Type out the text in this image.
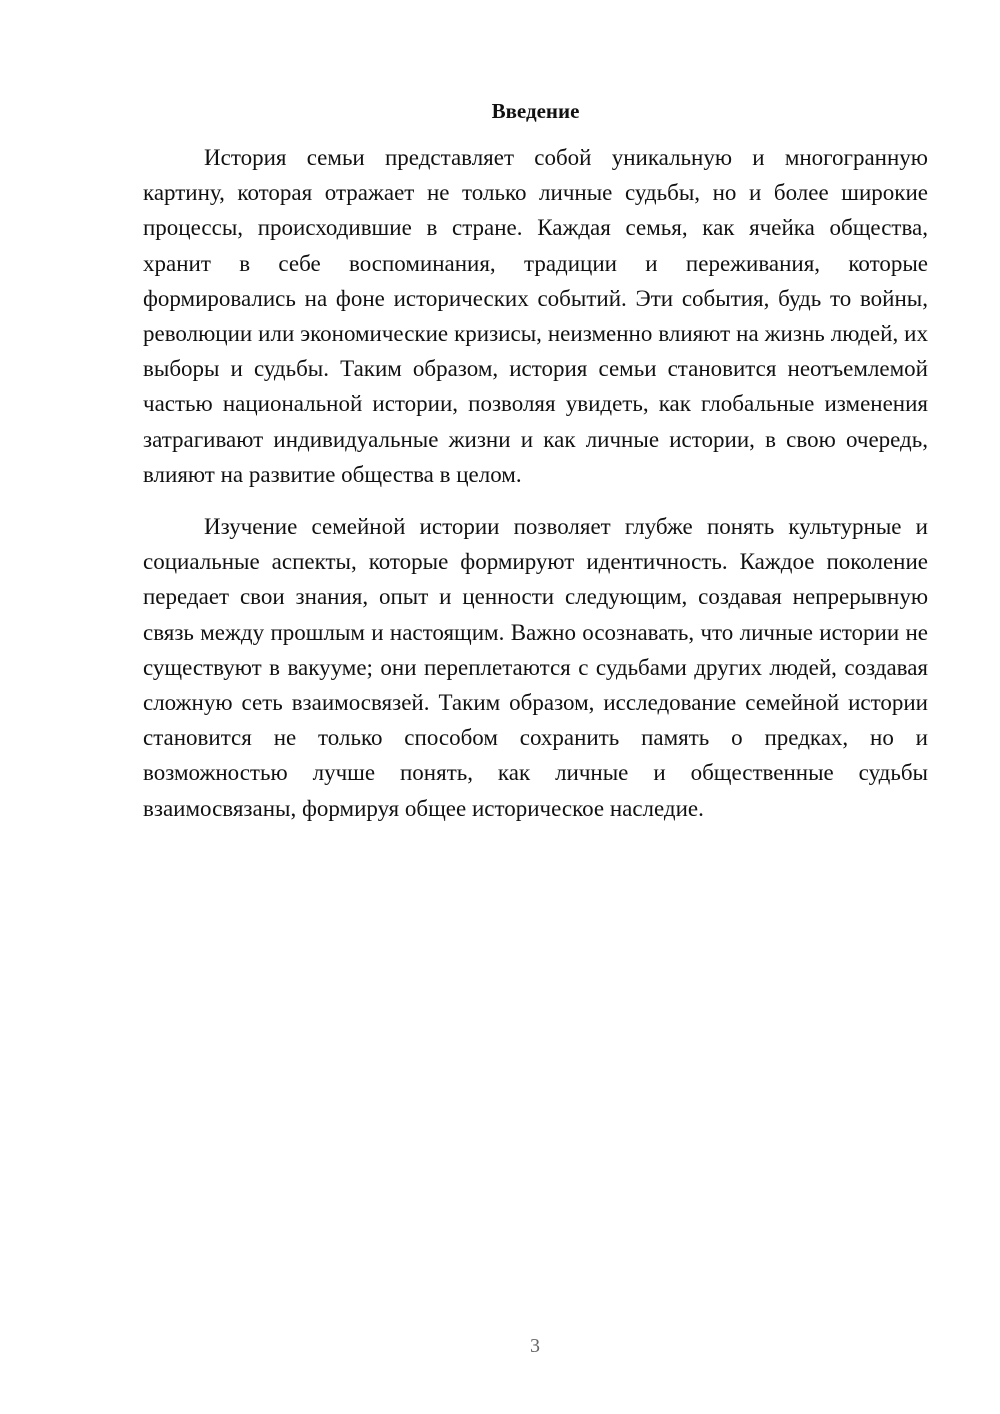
Введение

История семьи представляет собой уникальную и многогранную картину, которая отражает не только личные судьбы, но и более широкие процессы, происходившие в стране. Каждая семья, как ячейка общества, хранит в себе воспоминания, традиции и переживания, которые формировались на фоне исторических событий. Эти события, будь то войны, революции или экономические кризисы, неизменно влияют на жизнь людей, их выборы и судьбы. Таким образом, история семьи становится неотъемлемой частью национальной истории, позволяя увидеть, как глобальные изменения затрагивают индивидуальные жизни и как личные истории, в свою очередь, влияют на развитие общества в целом.

Изучение семейной истории позволяет глубже понять культурные и социальные аспекты, которые формируют идентичность. Каждое поколение передает свои знания, опыт и ценности следующим, создавая непрерывную связь между прошлым и настоящим. Важно осознавать, что личные истории не существуют в вакууме; они переплетаются с судьбами других людей, создавая сложную сеть взаимосвязей. Таким образом, исследование семейной истории становится не только способом сохранить память о предках, но и возможностью лучше понять, как личные и общественные судьбы взаимосвязаны, формируя общее историческое наследие.

3
